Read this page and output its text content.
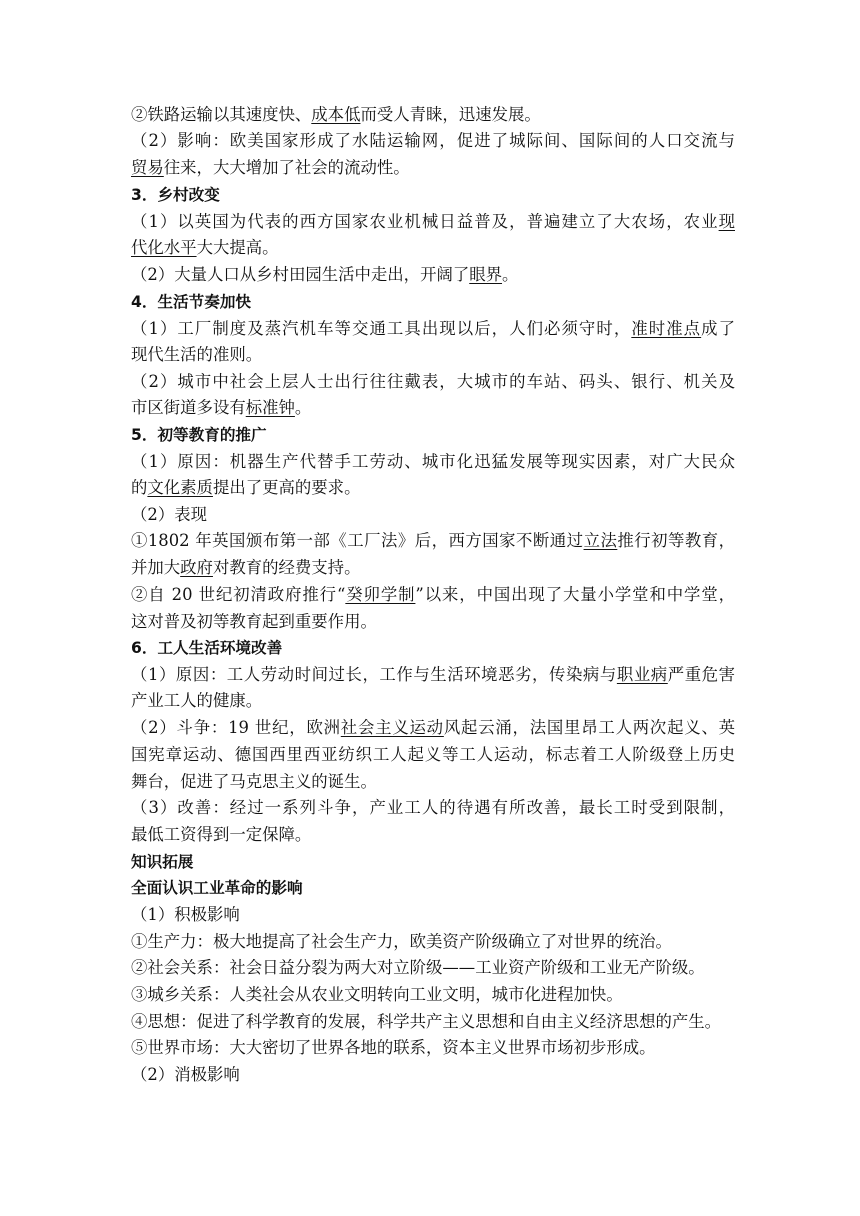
②铁路运输以其速度快、成本低而受人青睐，迅速发展。
（2）影响：欧美国家形成了水陆运输网，促进了城际间、国际间的人口交流与
贸易往来，大大增加了社会的流动性。
3．乡村改变
（1）以英国为代表的西方国家农业机械日益普及，普遍建立了大农场，农业现
代化水平大大提高。
（2）大量人口从乡村田园生活中走出，开阔了眼界。
4．生活节奏加快
（1）工厂制度及蒸汽机车等交通工具出现以后，人们必须守时，准时准点成了
现代生活的准则。
（2）城市中社会上层人士出行往往戴表，大城市的车站、码头、银行、机关及
市区街道多设有标准钟。
5．初等教育的推广
（1）原因：机器生产代替手工劳动、城市化迅猛发展等现实因素，对广大民众
的文化素质提出了更高的要求。
（2）表现
①1802 年英国颁布第一部《工厂法》后，西方国家不断通过立法推行初等教育，
并加大政府对教育的经费支持。
②自 20 世纪初清政府推行“癸卯学制”以来，中国出现了大量小学堂和中学堂，
这对普及初等教育起到重要作用。
6．工人生活环境改善
（1）原因：工人劳动时间过长，工作与生活环境恶劣，传染病与职业病严重危害
产业工人的健康。
（2）斗争：19 世纪，欧洲社会主义运动风起云涌，法国里昂工人两次起义、英
国宪章运动、德国西里西亚纺织工人起义等工人运动，标志着工人阶级登上历史
舞台，促进了马克思主义的诞生。
（3）改善：经过一系列斗争，产业工人的待遇有所改善，最长工时受到限制，
最低工资得到一定保障。
知识拓展
全面认识工业革命的影响
（1）积极影响
①生产力：极大地提高了社会生产力，欧美资产阶级确立了对世界的统治。
②社会关系：社会日益分裂为两大对立阶级——工业资产阶级和工业无产阶级。
③城乡关系：人类社会从农业文明转向工业文明，城市化进程加快。
④思想：促进了科学教育的发展，科学共产主义思想和自由主义经济思想的产生。
⑤世界市场：大大密切了世界各地的联系，资本主义世界市场初步形成。
（2）消极影响
